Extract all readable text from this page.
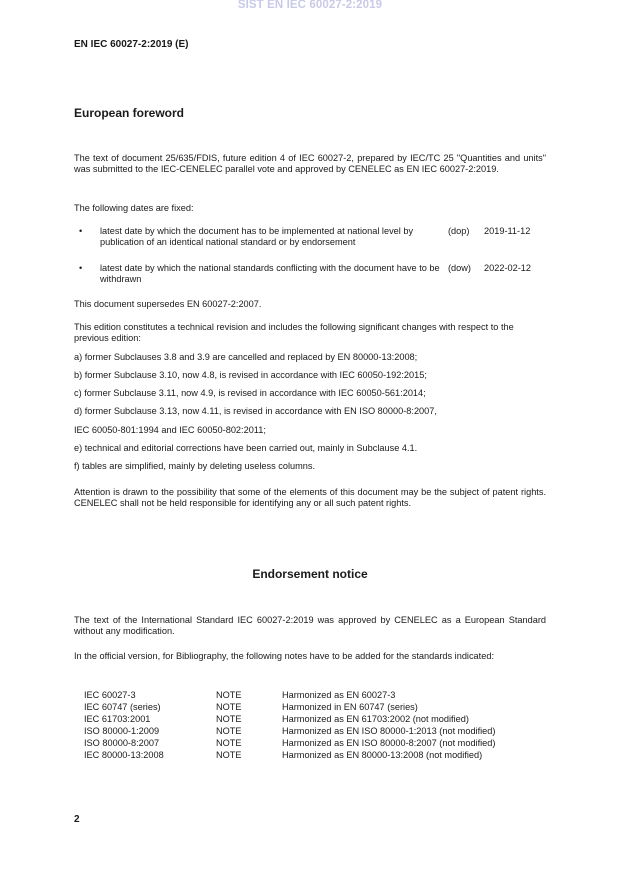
SIST EN IEC 60027-2:2019
EN IEC 60027-2:2019 (E)
European foreword
The text of document 25/635/FDIS, future edition 4 of IEC 60027-2, prepared by IEC/TC 25 "Quantities and units" was submitted to the IEC-CENELEC parallel vote and approved by CENELEC as EN IEC 60027-2:2019.
The following dates are fixed:
• latest date by which the document has to be implemented at national level by publication of an identical national standard or by endorsement
(dop) 2019-11-12
• latest date by which the national standards conflicting with the document have to be withdrawn
(dow) 2022-02-12
This document supersedes EN 60027-2:2007.
This edition constitutes a technical revision and includes the following significant changes with respect to the previous edition:
a) former Subclauses 3.8 and 3.9 are cancelled and replaced by EN 80000-13:2008;
b) former Subclause 3.10, now 4.8, is revised in accordance with IEC 60050-192:2015;
c) former Subclause 3.11, now 4.9, is revised in accordance with IEC 60050-561:2014;
d) former Subclause 3.13, now 4.11, is revised in accordance with EN ISO 80000-8:2007,
IEC 60050-801:1994 and IEC 60050-802:2011;
e) technical and editorial corrections have been carried out, mainly in Subclause 4.1.
f) tables are simplified, mainly by deleting useless columns.
Attention is drawn to the possibility that some of the elements of this document may be the subject of patent rights. CENELEC shall not be held responsible for identifying any or all such patent rights.
Endorsement notice
The text of the International Standard IEC 60027-2:2019 was approved by CENELEC as a European Standard without any modification.
In the official version, for Bibliography, the following notes have to be added for the standards indicated:
IEC 60027-3	NOTE	Harmonized as EN 60027-3
IEC 60747 (series)	NOTE	Harmonized in EN 60747 (series)
IEC 61703:2001	NOTE	Harmonized as EN 61703:2002 (not modified)
ISO 80000-1:2009	NOTE	Harmonized as EN ISO 80000-1:2013 (not modified)
ISO 80000-8:2007	NOTE	Harmonized as EN ISO 80000-8:2007 (not modified)
IEC 80000-13:2008	NOTE	Harmonized as EN 80000-13:2008 (not modified)
2
